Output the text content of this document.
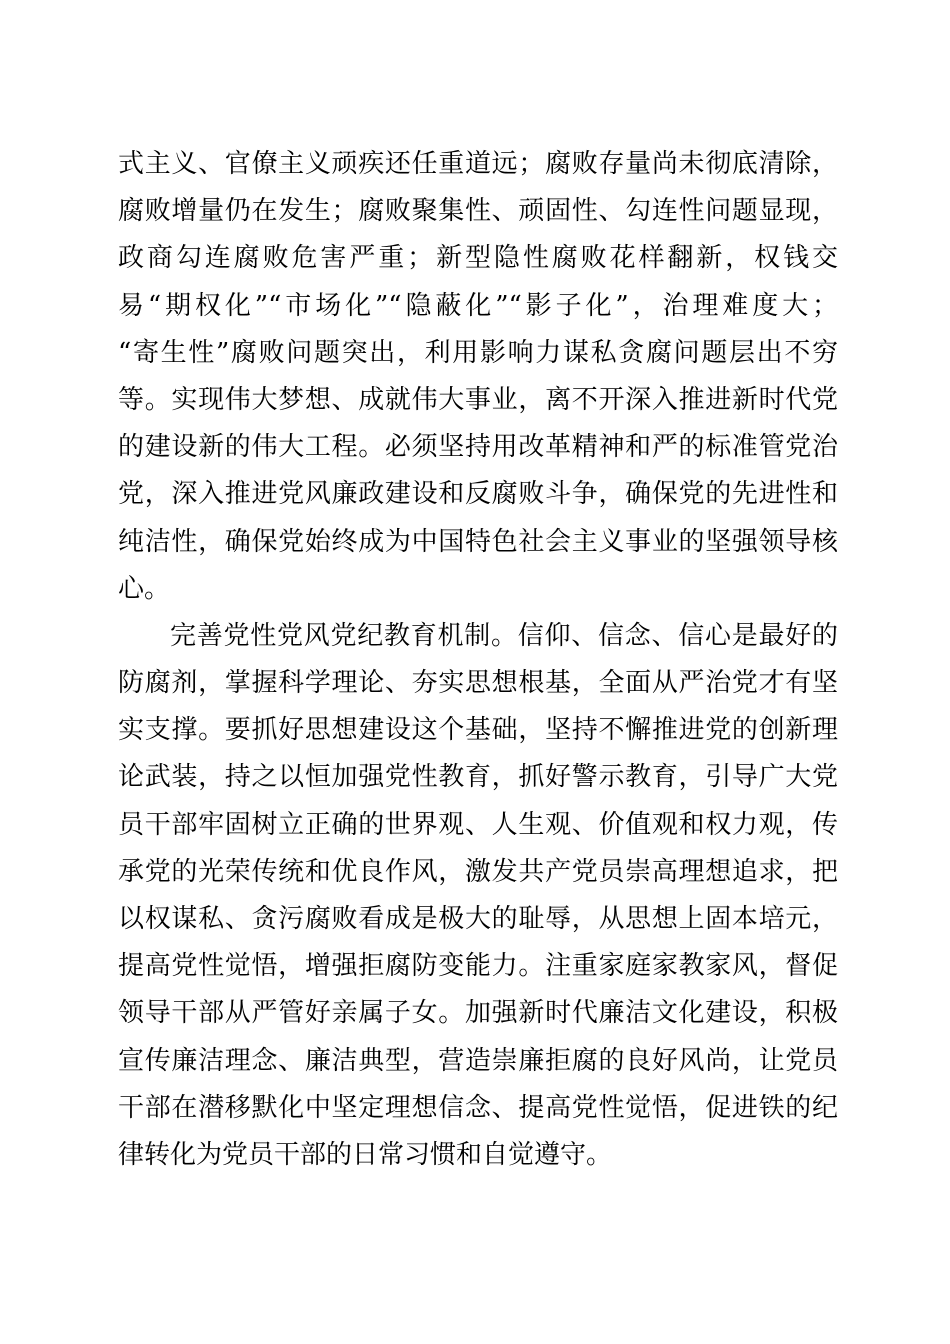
式主义、官僚主义顽疾还任重道远；腐败存量尚未彻底清除，
腐败增量仍在发生；腐败聚集性、顽固性、勾连性问题显现，
政商勾连腐败危害严重；新型隐性腐败花样翻新，权钱交
易“期权化”“市场化”“隐蔽化”“影子化”，治理难度大；
“寄生性”腐败问题突出，利用影响力谋私贪腐问题层出不穷
等。实现伟大梦想、成就伟大事业，离不开深入推进新时代党
的建设新的伟大工程。必须坚持用改革精神和严的标准管党治
党，深入推进党风廉政建设和反腐败斗争，确保党的先进性和
纯洁性，确保党始终成为中国特色社会主义事业的坚强领导核
心。
完善党性党风党纪教育机制。信仰、信念、信心是最好的
防腐剂，掌握科学理论、夯实思想根基，全面从严治党才有坚
实支撑。要抓好思想建设这个基础，坚持不懈推进党的创新理
论武装，持之以恒加强党性教育，抓好警示教育，引导广大党
员干部牢固树立正确的世界观、人生观、价值观和权力观，传
承党的光荣传统和优良作风，激发共产党员崇高理想追求，把
以权谋私、贪污腐败看成是极大的耻辱，从思想上固本培元，
提高党性觉悟，增强拒腐防变能力。注重家庭家教家风，督促
领导干部从严管好亲属子女。加强新时代廉洁文化建设，积极
宣传廉洁理念、廉洁典型，营造崇廉拒腐的良好风尚，让党员
干部在潜移默化中坚定理想信念、提高党性觉悟，促进铁的纪
律转化为党员干部的日常习惯和自觉遵守。
